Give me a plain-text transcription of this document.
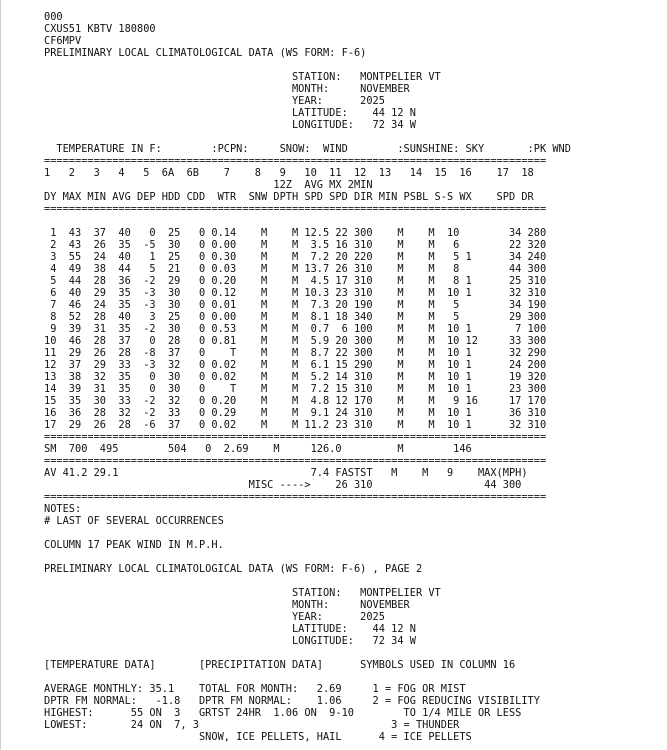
000
CXUS51 KBTV 180800
CF6MPV
PRELIMINARY LOCAL CLIMATOLOGICAL DATA (WS FORM: F-6)
STATION:   MONTPELIER VT
MONTH:     NOVEMBER
YEAR:      2025
LATITUDE:    44 12 N
LONGITUDE:   72 34 W
TEMPERATURE IN F:        :PCPN:     SNOW:  WIND        :SUNSHINE: SKY       :PK WND
=================================================================================
1   2   3   4   5  6A  6B    7    8   9   10  11  12  13   14  15  16    17  18
12Z  AVG MX 2MIN
DY MAX MIN AVG DEP HDD CDD  WTR  SNW DPTH SPD SPD DIR MIN PSBL S-S WX    SPD DR
=================================================================================
1  43  37  40   0  25   0 0.14    M    M 12.5 22 300    M    M  10        34 280
2  43  26  35  -5  30   0 0.00    M    M  3.5 16 310    M    M   6        22 320
3  55  24  40   1  25   0 0.30    M    M  7.2 20 220    M    M   5 1      34 240
4  49  38  44   5  21   0 0.03    M    M 13.7 26 310    M    M   8        44 300
5  44  28  36  -2  29   0 0.20    M    M  4.5 17 310    M    M   8 1      25 310
6  40  29  35  -3  30   0 0.12    M    M 10.3 23 310    M    M  10 1      32 310
7  46  24  35  -3  30   0 0.01    M    M  7.3 20 190    M    M   5        34 190
8  52  28  40   3  25   0 0.00    M    M  8.1 18 340    M    M   5        29 300
9  39  31  35  -2  30   0 0.53    M    M  0.7  6 100    M    M  10 1       7 100
10  46  28  37   0  28   0 0.81    M    M  5.9 20 300    M    M  10 12     33 300
11  29  26  28  -8  37   0    T    M    M  8.7 22 300    M    M  10 1      32 290
12  37  29  33  -3  32   0 0.02    M    M  6.1 15 290    M    M  10 1      24 200
13  38  32  35   0  30   0 0.02    M    M  5.2 14 310    M    M  10 1      19 320
14  39  31  35   0  30   0    T    M    M  7.2 15 310    M    M  10 1      23 300
15  35  30  33  -2  32   0 0.20    M    M  4.8 12 170    M    M   9 16     17 170
16  36  28  32  -2  33   0 0.29    M    M  9.1 24 310    M    M  10 1      36 310
17  29  26  28  -6  37   0 0.02    M    M 11.2 23 310    M    M  10 1      32 310
=================================================================================
SM  700  495        504   0  2.69    M     126.0         M        146
=================================================================================
AV 41.2 29.1                               7.4 FASTST   M    M   9    MAX(MPH)
MISC ---->    26 310                  44 300
=================================================================================
NOTES:
# LAST OF SEVERAL OCCURRENCES
COLUMN 17 PEAK WIND IN M.P.H.
PRELIMINARY LOCAL CLIMATOLOGICAL DATA (WS FORM: F-6) , PAGE 2
STATION:   MONTPELIER VT
MONTH:     NOVEMBER
YEAR:      2025
LATITUDE:    44 12 N
LONGITUDE:   72 34 W
[TEMPERATURE DATA]       [PRECIPITATION DATA]      SYMBOLS USED IN COLUMN 16
AVERAGE MONTHLY: 35.1    TOTAL FOR MONTH:   2.69     1 = FOG OR MIST
DPTR FM NORMAL:   -1.8   DPTR FM NORMAL:    1.06     2 = FOG REDUCING VISIBILITY
HIGHEST:      55 ON  3   GRTST 24HR  1.06 ON  9-10        TO 1/4 MILE OR LESS
LOWEST:       24 ON  7, 3                               3 = THUNDER
SNOW, ICE PELLETS, HAIL      4 = ICE PELLETS
